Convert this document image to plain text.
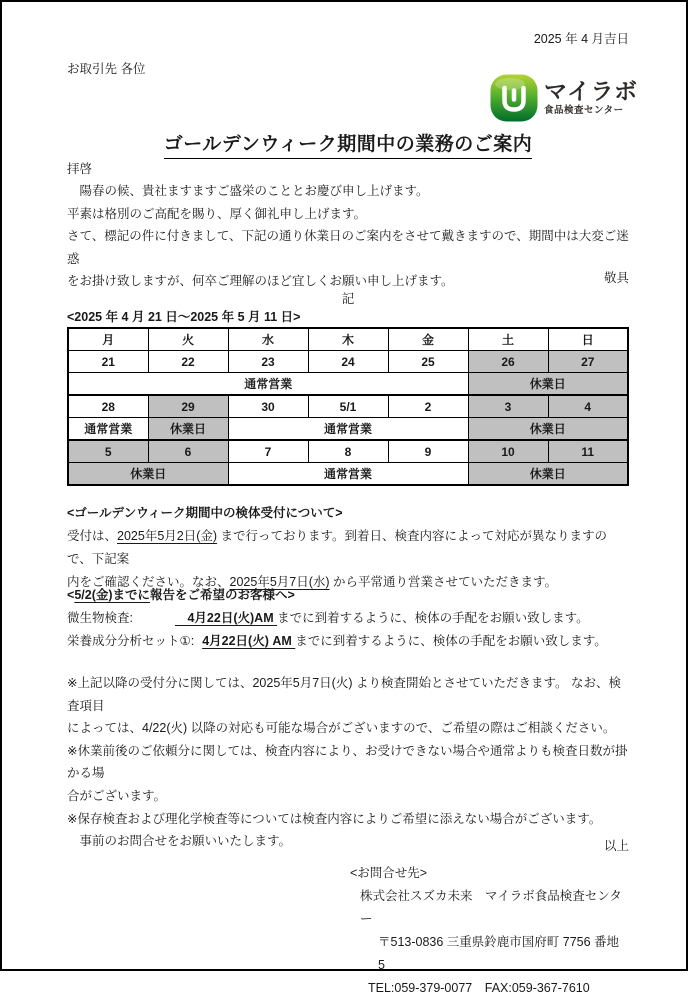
2025 年 4 月吉日
お取引先 各位
マイラボ
食品検査センター
ゴールデンウィーク期間中の業務のご案内
拝啓
　陽春の候、貴社ますますご盛栄のこととお慶び申し上げます。
平素は格別のご高配を賜り、厚く御礼申し上げます。
さて、標記の件に付きまして、下記の通り休業日のご案内をさせて戴きますので、期間中は大変ご迷惑
をお掛け致しますが、何卒ご理解のほど宜しくお願い申し上げます。	敬具
記
<2025 年 4 月 21 日～2025 年 5 月 11 日>
月	火	水	木	金	土	日
21	22	23	24	25	26	27
通常営業					休業日	
28	29	30	5/1	2	3	4
通常営業	休業日	通常営業			休業日	
5	6	7	8	9	10	11
休業日		通常営業			休業日	
<ゴールデンウィーク期間中の検体受付について>
受付は、2025年5月2日(金) まで行っております。到着日、検査内容によって対応が異なりますので、下記案
内をご確認ください。なお、2025年5月7日(水) から平常通り営業させていただきます。
<5/2(金)までに報告をご希望のお客様へ>
微生物検査:	　4月22日(火)AM までに到着するように、検体の手配をお願い致します。
栄養成分分析セット①: 4月22日(火) AM までに到着するように、検体の手配をお願い致します。
※上記以降の受付分に関しては、2025年5月7日(火) より検査開始とさせていただきます。 なお、検査項目
によっては、4/22(火) 以降の対応も可能な場合がございますので、ご希望の際はご相談ください。
※休業前後のご依頼分に関しては、検査内容により、お受けできない場合や通常よりも検査日数が掛かる場
合がございます。
※保存検査および理化学検査等については検査内容によりご希望に添えない場合がございます。
　事前のお問合せをお願いいたします。	以上
<お問合せ先>
株式会社スズカ未来　マイラボ食品検査センター
〒513-0836 三重県鈴鹿市国府町 7756 番地 5
TEL:059-379-0077　FAX:059-367-7610
